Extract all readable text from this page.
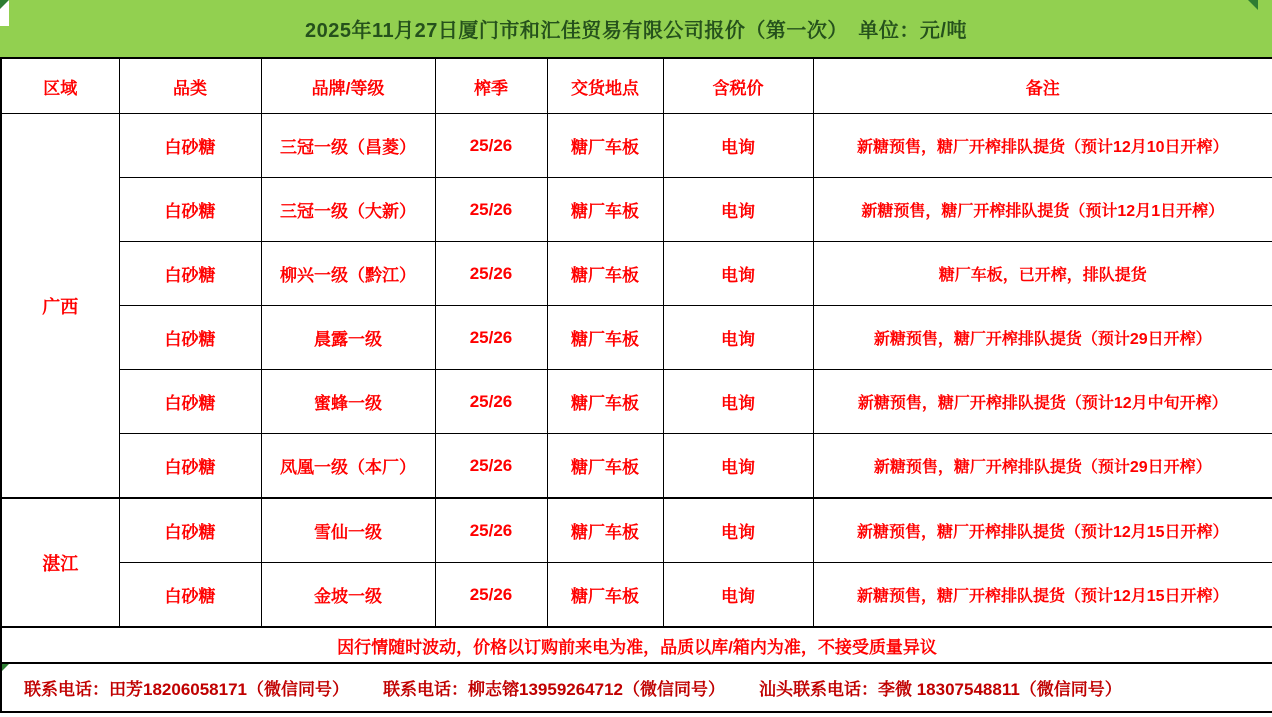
2025年11月27日厦门市和汇佳贸易有限公司报价（第一次）　单位：元/吨
区域	品类	品牌/等级	榨季	交货地点	含税价	备注
广西	白砂糖	三冠一级（昌菱）	25/26	糖厂车板	电询	新糖预售，糖厂开榨排队提货（预计12月10日开榨）
	白砂糖	三冠一级（大新）	25/26	糖厂车板	电询	新糖预售，糖厂开榨排队提货（预计12月1日开榨）
	白砂糖	柳兴一级（黔江）	25/26	糖厂车板	电询	糖厂车板，已开榨，排队提货
	白砂糖	晨露一级	25/26	糖厂车板	电询	新糖预售，糖厂开榨排队提货（预计29日开榨）
	白砂糖	蜜蜂一级	25/26	糖厂车板	电询	新糖预售，糖厂开榨排队提货（预计12月中旬开榨）
	白砂糖	凤凰一级（本厂）	25/26	糖厂车板	电询	新糖预售，糖厂开榨排队提货（预计29日开榨）
湛江	白砂糖	雪仙一级	25/26	糖厂车板	电询	新糖预售，糖厂开榨排队提货（预计12月15日开榨）
	白砂糖	金坡一级	25/26	糖厂车板	电询	新糖预售，糖厂开榨排队提货（预计12月15日开榨）
因行情随时波动，价格以订购前来电为准，品质以库/箱内为准，不接受质量异议						

联系电话：田芳18206058171（微信同号） 联系电话：柳志镕13959264712（微信同号） 汕头联系电话：李微 18307548811（微信同号）						
